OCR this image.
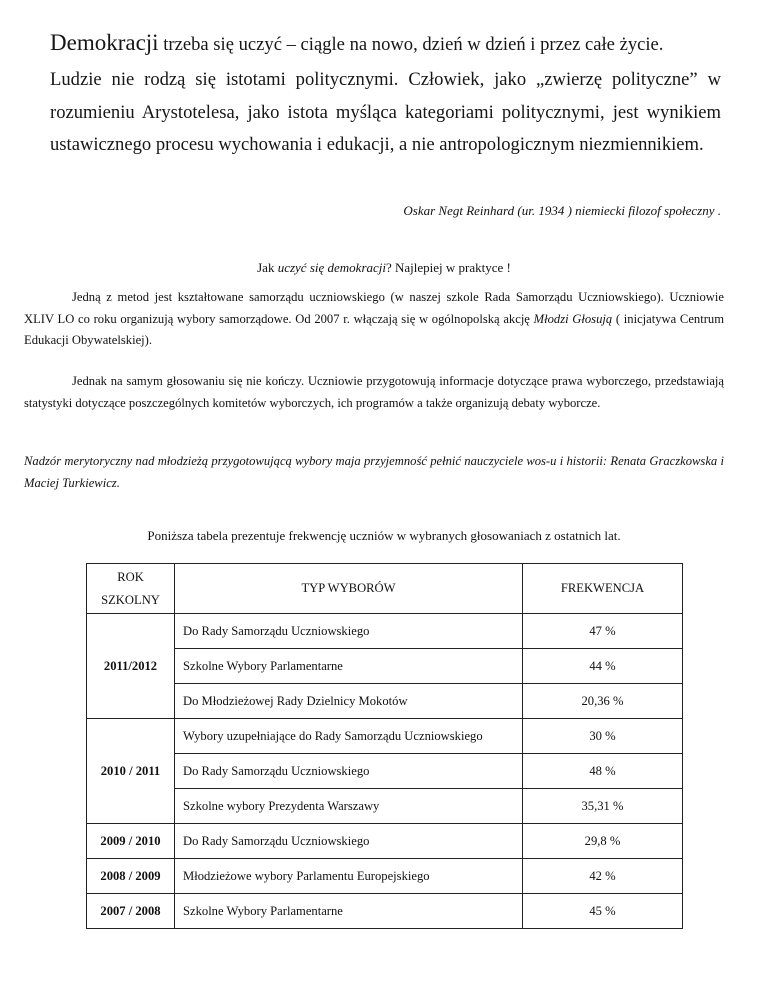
Demokracji trzeba się uczyć – ciągle na nowo, dzień w dzień i przez całe życie.
Ludzie nie rodzą się istotami politycznymi. Człowiek, jako „zwierzę polityczne” w rozumieniu Arystotelesa, jako istota myśląca kategoriami politycznymi, jest wynikiem ustawicznego procesu wychowania i edukacji, a nie antropologicznym niezmiennikiem.
Oskar Negt Reinhard (ur. 1934 ) niemiecki filozof społeczny .
Jak uczyć się demokracji? Najlepiej w praktyce !
Jedną z metod jest kształtowane samorządu uczniowskiego (w naszej szkole Rada Samorządu Uczniowskiego). Uczniowie XLIV LO co roku organizują wybory samorządowe. Od 2007 r. włączają się w ogólnopolską akcję Młodzi Głosują ( inicjatywa Centrum Edukacji Obywatelskiej).
Jednak na samym głosowaniu się nie kończy. Uczniowie przygotowują informacje dotyczące prawa wyborczego, przedstawiają statystyki dotyczące poszczególnych komitetów wyborczych, ich programów a także organizują debaty wyborcze.
Nadzór merytoryczny nad młodzieżą przygotowującą wybory maja przyjemność pełnić nauczyciele wos-u i historii: Renata Graczkowska i Maciej Turkiewicz.
Poniższa tabela prezentuje frekwencję uczniów w wybranych głosowaniach z ostatnich lat.
ROK
SZKOLNY	TYP WYBORÓW	FREKWENCJA
2011/2012	Do Rady Samorządu Uczniowskiego	47 %
	Szkolne Wybory Parlamentarne	44 %
	Do Młodzieżowej Rady Dzielnicy Mokotów	20,36 %
2010 / 2011	Wybory uzupełniające do Rady Samorządu Uczniowskiego	30 %
	Do Rady Samorządu Uczniowskiego	48 %
	Szkolne wybory Prezydenta Warszawy	35,31 %
2009 / 2010	Do Rady Samorządu Uczniowskiego	29,8 %
2008 / 2009	Młodzieżowe wybory Parlamentu Europejskiego	42 %
2007 / 2008	Szkolne Wybory Parlamentarne	45 %
